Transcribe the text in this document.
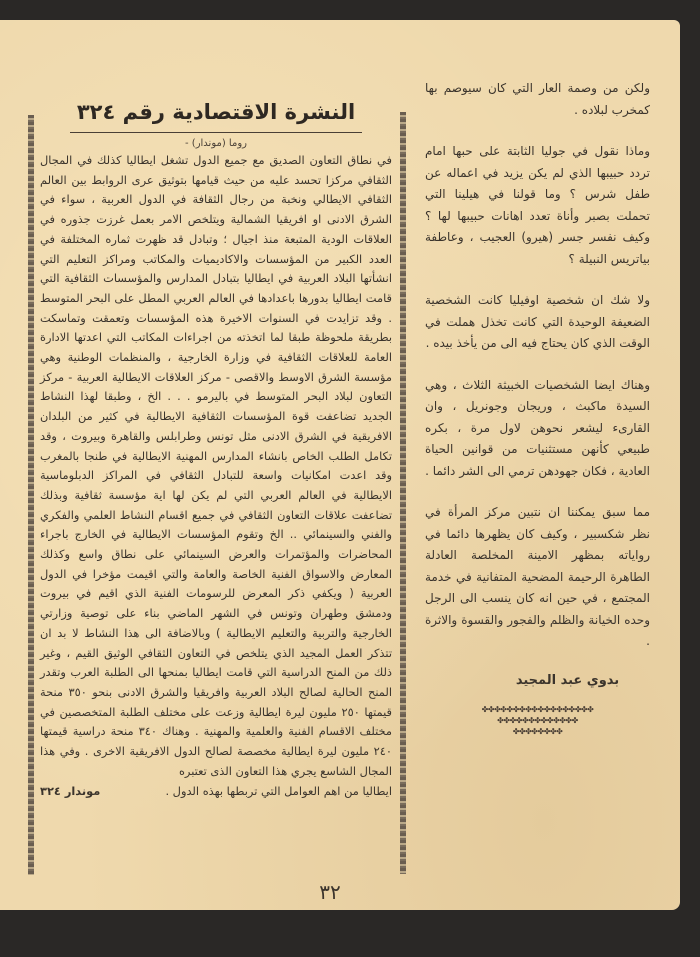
النشرة الاقتصادية رقم ٣٢٤
روما (موندار) -

في نطاق التعاون الصديق مع جميع الدول تشغل ايطاليا كذلك في المجال الثقافي مركزا تحسد عليه من حيث قيامها بتوثيق عرى الروابط بين العالم الثقافي الايطالي ونخبة من رجال الثقافة في الدول العربية ، سواء في الشرق الادنى او افريقيا الشمالية ويتلخص الامر بعمل غرزت جذوره في العلاقات الودية المتبعة منذ اجيال ؛ وتبادل قد ظهرت ثماره المختلفة في العدد الكبير من المؤسسات والاكاديميات والمكاتب ومراكز التعليم التي انشأتها البلاد العربية في ايطاليا بتبادل المدارس والمؤسسات الثقافية التي قامت ايطاليا بدورها باعدادها في العالم العربي المطل على البحر المتوسط . وقد تزايدت في السنوات الاخيرة هذه المؤسسات وتعمقت وتماسكت بطريقة ملحوظة طبقا لما اتخذته من اجراءات المكاتب التي اعدتها الادارة العامة للعلاقات الثقافية في وزارة الخارجية ، والمنظمات الوطنية وهي مؤسسة الشرق الاوسط والاقصى - مركز العلاقات الايطالية العربية - مركز التعاون لبلاد البحر المتوسط في باليرمو . . . الخ ، وطبقا لهذا النشاط الجديد تضاعفت قوة المؤسسات الثقافية الايطالية في كثير من البلدان الافريقية في الشرق الادنى مثل تونس وطرابلس والقاهرة وبيروت ، وقد تكامل الطلب الخاص بانشاء المدارس المهنية الايطالية في طنجا بالمغرب وقد اعدت امكانيات واسعة للتبادل الثقافي في المراكز الدبلوماسية الايطالية في العالم العربي التي لم يكن لها اية مؤسسة ثقافية وبذلك تضاعفت علاقات التعاون الثقافي في جميع اقسام النشاط العلمي والفكري والفني والسينمائي .. الخ وتقوم المؤسسات الايطالية في الخارج باجراء المحاضرات والمؤتمرات والعرض السينمائي على نطاق واسع وكذلك المعارض والاسواق الفنية الخاصة والعامة والتي اقيمت مؤخرا في الدول العربية ( ويكفي ذكر المعرض للرسومات الفنية الذي اقيم في بيروت ودمشق وطهران وتونس في الشهر الماضي بناء على توصية وزارتي الخارجية والتربية والتعليم الايطالية ) وبالاضافة الى هذا النشاط لا بد ان تتذكر العمل المجيد الذي يتلخص في التعاون الثقافي الوثيق القيم ، وغير ذلك من المنح الدراسية التي قامت ايطاليا بمنحها الى الطلبة العرب وتقدر المنح الحالية لصالح البلاد العربية وافريقيا والشرق الادنى بنحو ٣٥٠ منحة قيمتها ٢٥٠ مليون ليرة ايطالية وزعت على مختلف الطلبة المتخصصين في مختلف الاقسام الفنية والعلمية والمهنية . وهناك ٣٤٠ منحة دراسية قيمتها ٢٤٠ مليون ليرة ايطالية مخصصة لصالح الدول الافريقية الاخرى . وفي هذا المجال الشاسع يجري هذا التعاون الذى تعتبره

ايطاليا من اهم العوامل التي تربطها بهذه الدول .
موندار ٣٢٤

ولكن من وصمة العار التي كان سيوصم بها كمخرب لبلاده .

وماذا نقول في جوليا الثابتة على حبها امام تردد حبيبها الذي لم يكن يزيد في اعماله عن طفل شرس ؟ وما قولنا في هيلينا التي تحملت بصبر وأناة تعدد اهانات حبيبها لها ؟ وكيف نفسر جسر (هيرو) العجيب ، وعاطفة بياتريس النبيلة ؟

ولا شك ان شخصية اوفيليا كانت الشخصية الضعيفة الوحيدة التي كانت تخذل هملت في الوقت الذي كان يحتاج فيه الى من يأخذ بيده .

وهناك ايضا الشخصيات الخبيثة الثلاث ، وهي السيدة ماكبث ، وريجان وجونريل ، وان القارىء ليشعر نحوهن لاول مرة ، بكره طبيعي كأنهن مستثنيات من قوانين الحياة العادية ، فكان جهودهن ترمي الى الشر دائما .

مما سبق يمكننا ان نتبين مركز المرأة في نظر شكسبير ، وكيف كان يظهرها دائما في رواياته بمظهر الامينة المخلصة العادلة الطاهرة الرحيمة المضحية المتفانية في خدمة المجتمع ، في حين انه كان ينسب الى الرجل وحده الخيانة والظلم والفجور والقسوة والاثرة .

بدوي عبد المجيد
✤✤✤✤✤✤✤✤✤✤✤✤✤✤✤✤✤✤
✤✤✤✤✤✤✤✤✤✤✤✤✤
✤✤✤✤✤✤✤✤
٣٢
